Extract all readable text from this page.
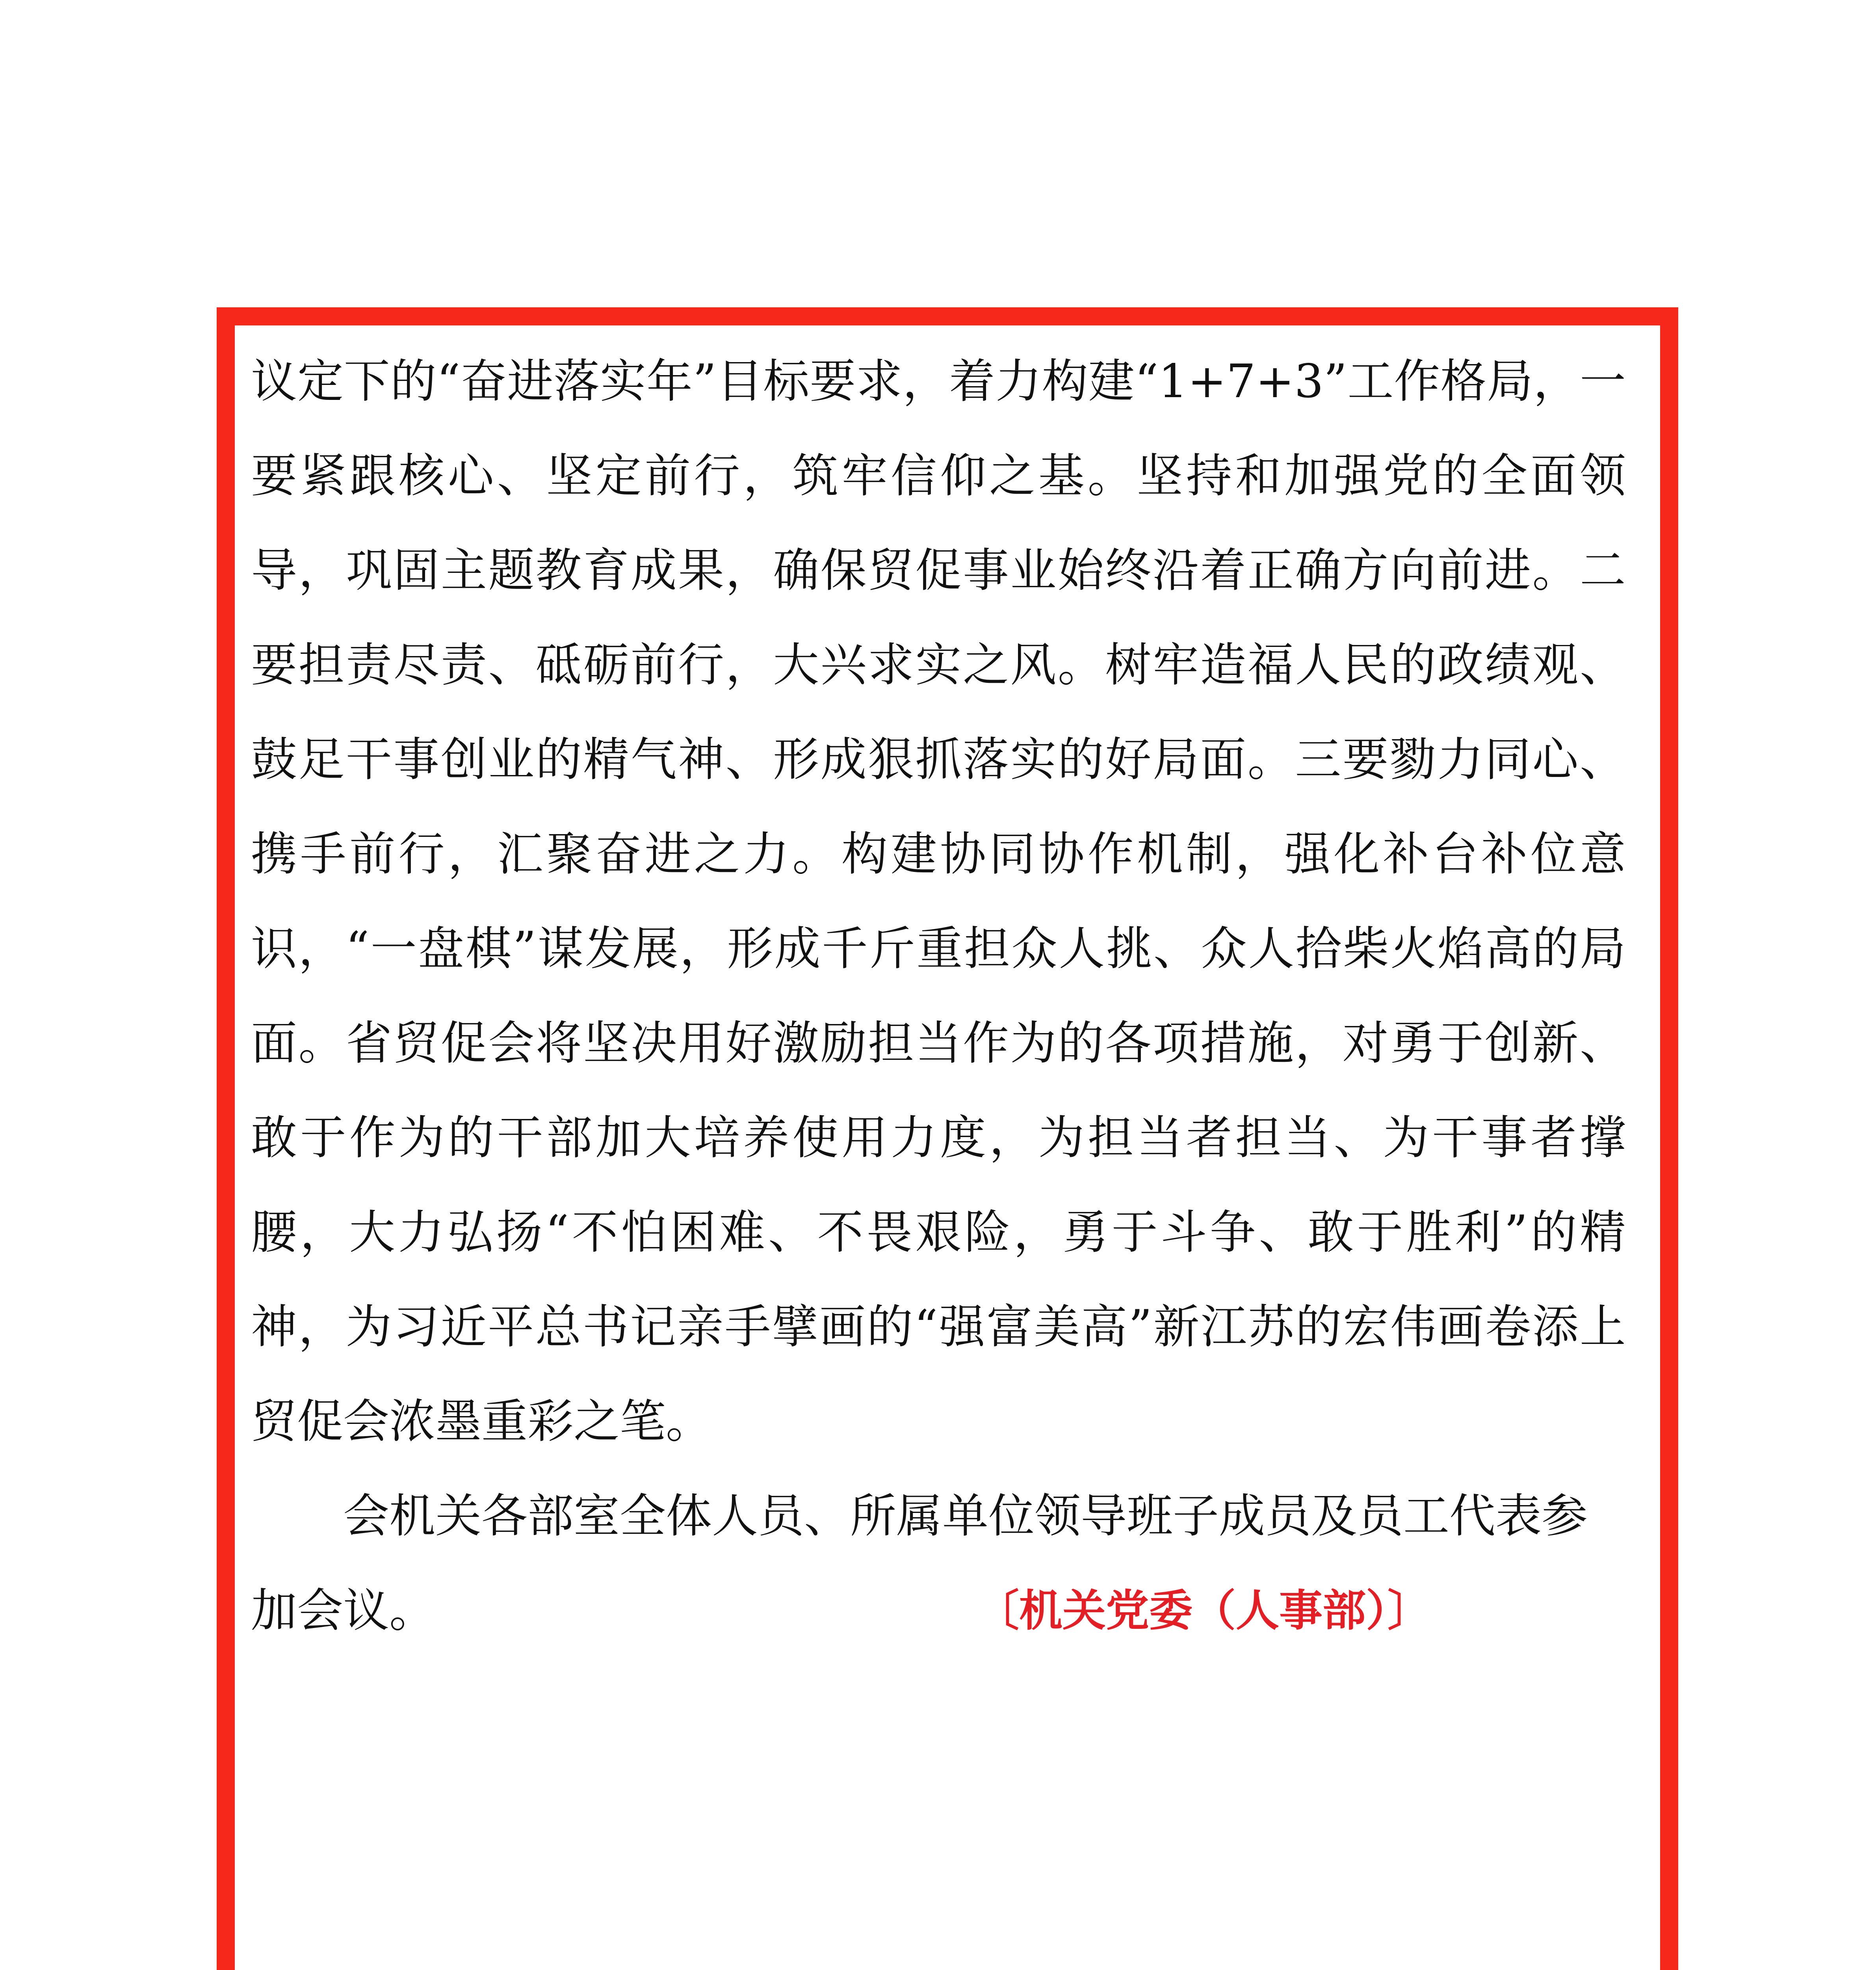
议定下的“奋进落实年”目标要求，着力构建“1+7+3”工作格局，一要紧跟核心、坚定前行，筑牢信仰之基。坚持和加强党的全面领导，巩固主题教育成果，确保贸促事业始终沿着正确方向前进。二要担责尽责、砥砺前行，大兴求实之风。树牢造福人民的政绩观、鼓足干事创业的精气神、形成狠抓落实的好局面。三要勠力同心、携手前行，汇聚奋进之力。构建协同协作机制，强化补台补位意识，“一盘棋”谋发展，形成千斤重担众人挑、众人拾柴火焰高的局面。省贸促会将坚决用好激励担当作为的各项措施，对勇于创新、敢于作为的干部加大培养使用力度，为担当者担当、为干事者撑腰，大力弘扬“不怕困难、不畏艰险，勇于斗争、敢于胜利”的精神，为习近平总书记亲手擘画的“强富美高”新江苏的宏伟画卷添上贸促会浓墨重彩之笔。

会机关各部室全体人员、所属单位领导班子成员及员工代表参

加会议。	〔机关党委（人事部）〕
